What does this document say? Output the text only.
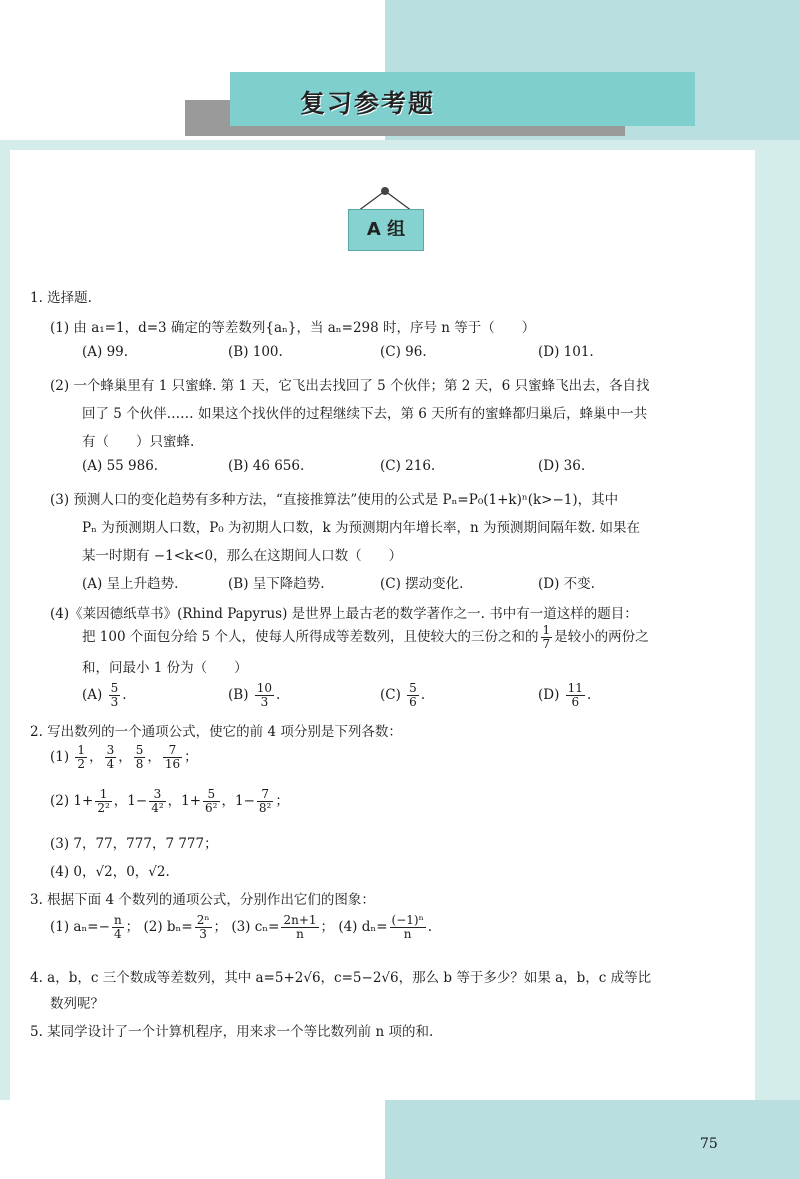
复习参考题
A 组
1. 选择题.
(1) 由 a₁=1，d=3 确定的等差数列{aₙ}，当 aₙ=298 时，序号 n 等于（　　）
(A) 99.	(B) 100.	(C) 96.	(D) 101.
(2) 一个蜂巢里有 1 只蜜蜂. 第 1 天，它飞出去找回了 5 个伙伴；第 2 天，6 只蜜蜂飞出去，各自找
回了 5 个伙伴…… 如果这个找伙伴的过程继续下去，第 6 天所有的蜜蜂都归巢后，蜂巢中一共
有（　　）只蜜蜂.
(A) 55 986.	(B) 46 656.	(C) 216.	(D) 36.
(3) 预测人口的变化趋势有多种方法，“直接推算法”使用的公式是 Pₙ=P₀(1+k)ⁿ(k>−1)，其中
Pₙ 为预测期人口数，P₀ 为初期人口数，k 为预测期内年增长率，n 为预测期间隔年数. 如果在
某一时期有 −1<k<0，那么在这期间人口数（　　）
(A) 呈上升趋势.	(B) 呈下降趋势.	(C) 摆动变化.	(D) 不变.
(4)《莱因德纸草书》(Rhind Papyrus) 是世界上最古老的数学著作之一. 书中有一道这样的题目：
把 100 个面包分给 5 个人，使每人所得成等差数列，且使较大的三份之和的 $\frac{1}{7}$ 是较小的两份之
和，问最小 1 份为（　　）
$(A) \frac{5}{3}$ .	$(B) \frac{10}{3}$ .	$(C) \frac{5}{6}$ .	$(D) \frac{11}{6}$ .
2. 写出数列的一个通项公式，使它的前 4 项分别是下列各数：
$(1) \frac{1}{2}$ ， $\frac{3}{4}$ ， $\frac{5}{8}$ ， $\frac{7}{16}$ ；
(2) $1+ \frac{1}{\text{2²}}$ ，$1- \frac{3}{\text{4²}}$ ，$1+ \frac{5}{\text{6²}}$ ，$1- \frac{7}{\text{8²}}$ ；
(3) 7，77，777，7 777；
(4) 0，√2，0，√2.
3. 根据下面 4 个数列的通项公式，分别作出它们的图象：
(1) $a_n=- \frac{n}{4}$ ； (2) $b_n= \frac{\text{2ⁿ}}{3}$ ； (3) $c_n= \frac{2n+1}{n}$ ； (4) $d_n= \frac{\text{(−1)ⁿ}}{n}$ .
4. a，b，c 三个数成等差数列，其中 a=5+2√6，c=5−2√6，那么 b 等于多少？如果 a，b，c 成等比
数列呢？
5. 某同学设计了一个计算机程序，用来求一个等比数列前 n 项的和.
75
